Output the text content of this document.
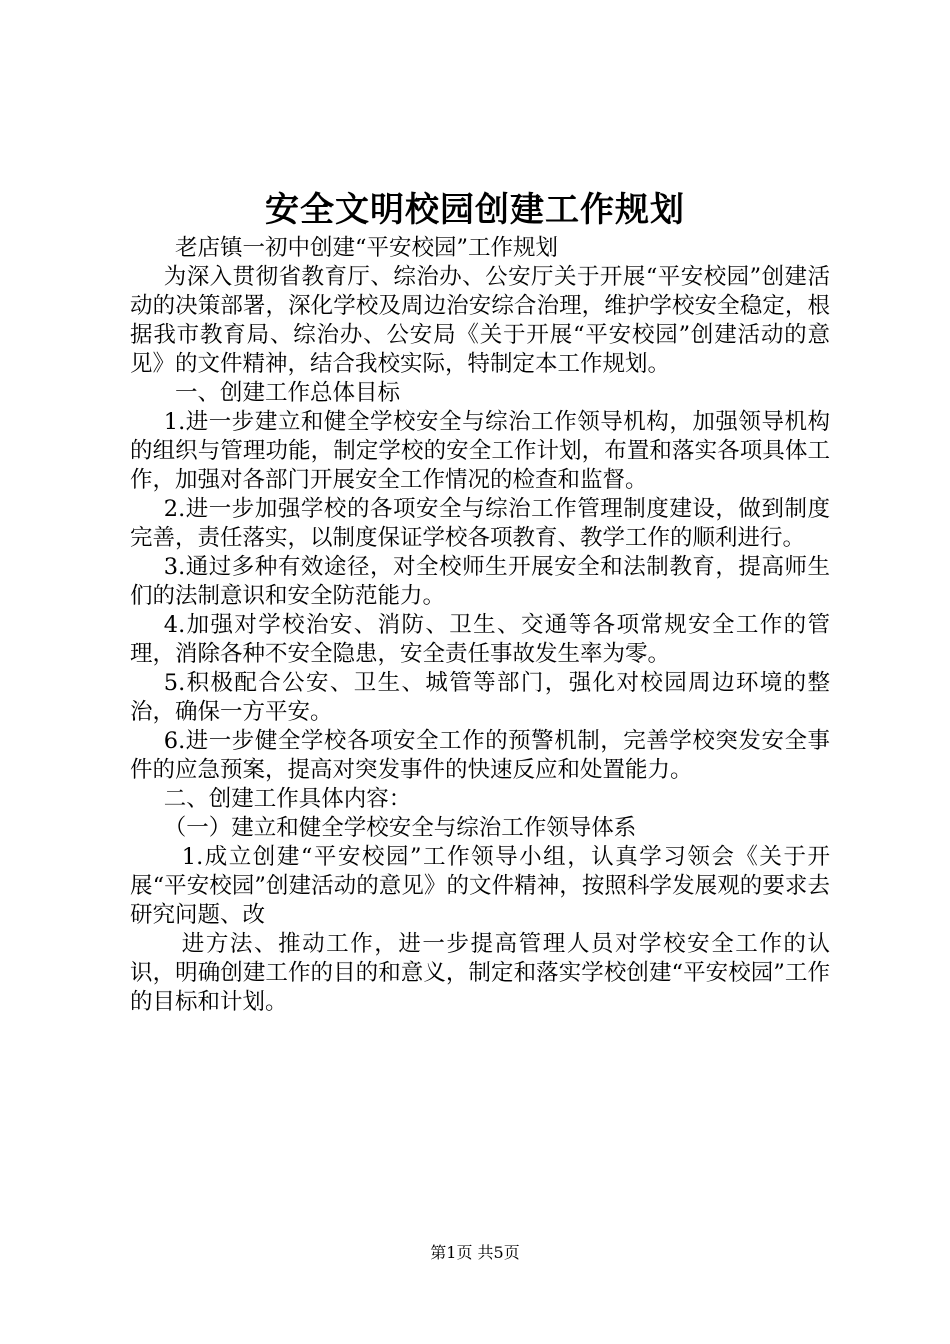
安全文明校园创建工作规划

老店镇一初中创建“平安校园”工作规划

为深入贯彻省教育厅、综治办、公安厅关于开展“平安校园”创建活动的决策部署，深化学校及周边治安综合治理，维护学校安全稳定，根据我市教育局、综治办、公安局《关于开展“平安校园”创建活动的意见》的文件精神，结合我校实际，特制定本工作规划。

一、创建工作总体目标

1.进一步建立和健全学校安全与综治工作领导机构，加强领导机构的组织与管理功能，制定学校的安全工作计划，布置和落实各项具体工作，加强对各部门开展安全工作情况的检查和监督。

2.进一步加强学校的各项安全与综治工作管理制度建设，做到制度完善，责任落实，以制度保证学校各项教育、教学工作的顺利进行。

3.通过多种有效途径，对全校师生开展安全和法制教育，提高师生们的法制意识和安全防范能力。

4.加强对学校治安、消防、卫生、交通等各项常规安全工作的管理，消除各种不安全隐患，安全责任事故发生率为零。

5.积极配合公安、卫生、城管等部门，强化对校园周边环境的整治，确保一方平安。

6.进一步健全学校各项安全工作的预警机制，完善学校突发安全事件的应急预案，提高对突发事件的快速反应和处置能力。

二、创建工作具体内容：

（一）建立和健全学校安全与综治工作领导体系

1.成立创建“平安校园”工作领导小组，认真学习领会《关于开展“平安校园”创建活动的意见》的文件精神，按照科学发展观的要求去研究问题、改

进方法、推动工作，进一步提高管理人员对学校安全工作的认识，明确创建工作的目的和意义，制定和落实学校创建“平安校园”工作的目标和计划。

第1页 共5页
